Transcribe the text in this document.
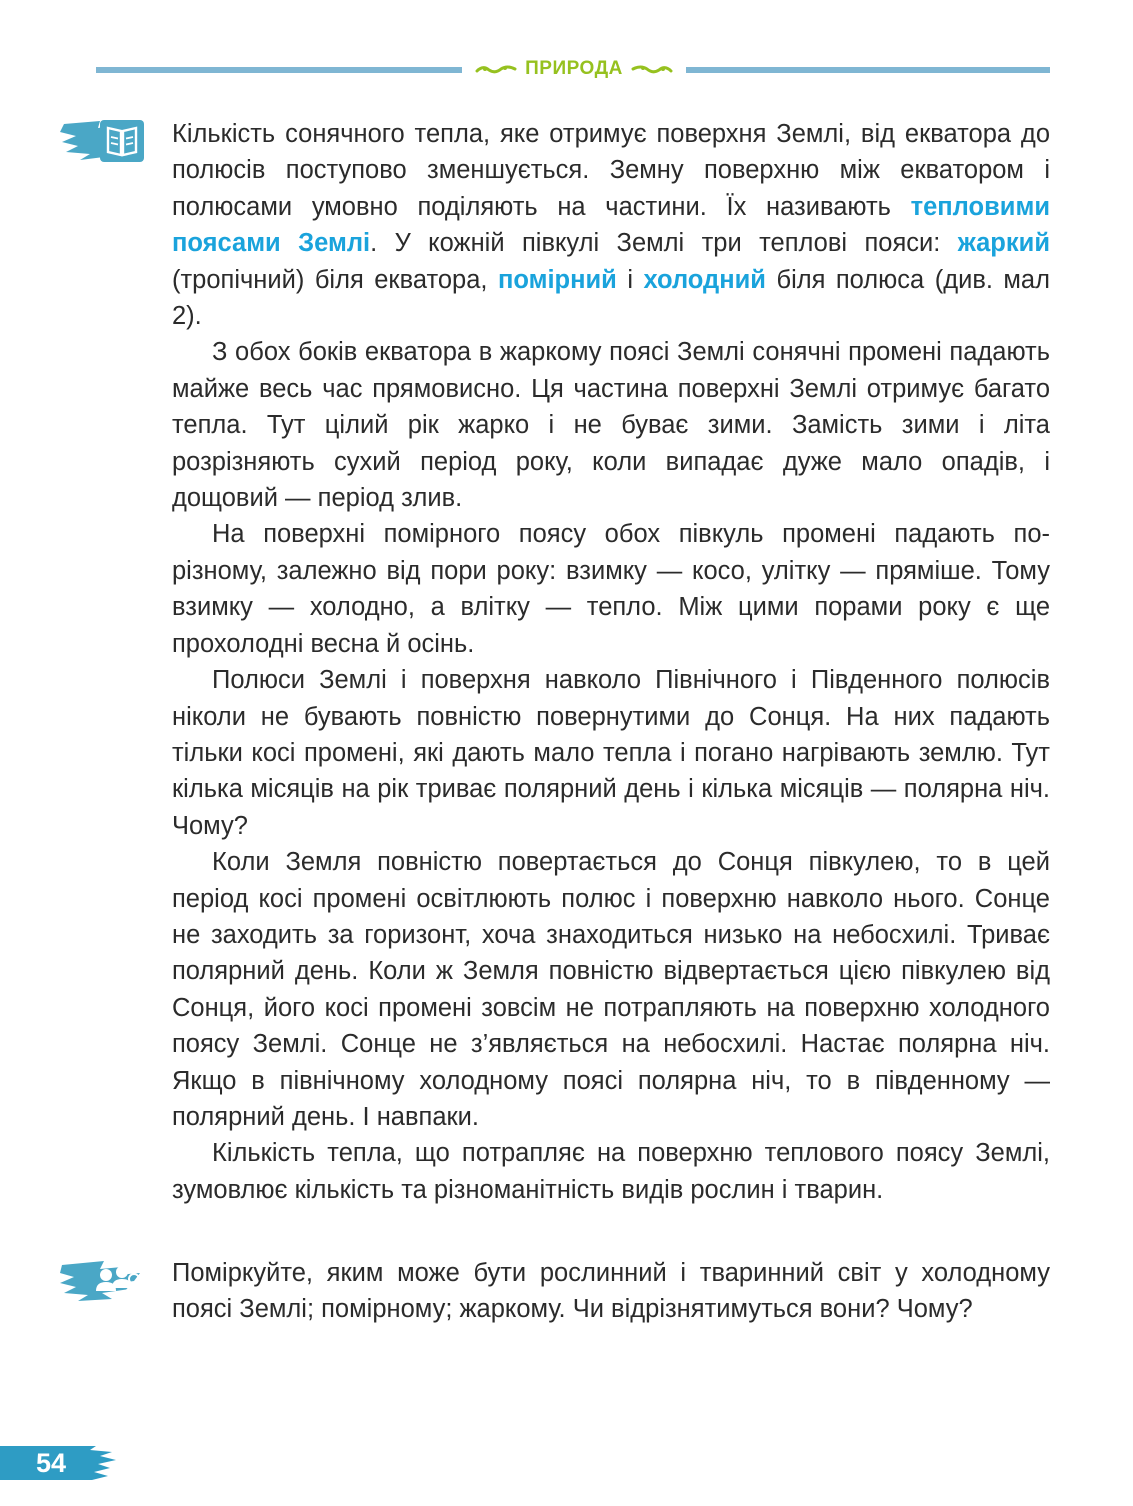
ПРИРОДА

Кількість сонячного тепла, яке отримує поверхня Землі, від екватора до полюсів поступово зменшується. Земну поверхню між екватором і полюсами умовно поділяють на частини. Їх називають тепловими поясами Землі. У кожній півкулі Землі три теплові пояси: жаркий (тропічний) біля екватора, помірний і холодний біля полюса (див. мал 2).

З обох боків екватора в жаркому поясі Землі сонячні промені падають майже весь час прямовисно. Ця частина поверхні Землі отримує багато тепла. Тут цілий рік жарко і не буває зими. Замість зими і літа розрізняють сухий період року, коли випадає дуже мало опадів, і дощовий — період злив.

На поверхні помірного поясу обох півкуль промені падають по-різному, залежно від пори року: взимку — косо, улітку — пряміше. Тому взимку — холодно, а влітку — тепло. Між цими порами року є ще прохолодні весна й осінь.

Полюси Землі і поверхня навколо Північного і Південного полюсів ніколи не бувають повністю повернутими до Сонця. На них падають тільки косі промені, які дають мало тепла і погано нагрівають землю. Тут кілька місяців на рік триває полярний день і кілька місяців — полярна ніч. Чому?

Коли Земля повністю повертається до Сонця півкулею, то в цей період косі промені освітлюють полюс і поверхню навколо нього. Сонце не заходить за горизонт, хоча знаходиться низько на небосхилі. Триває полярний день. Коли ж Земля повністю відвертається цією півкулею від Сонця, його косі промені зовсім не потрапляють на поверхню холодного поясу Землі. Сонце не з’являється на небосхилі. Настає полярна ніч. Якщо в північному холодному поясі полярна ніч, то в південному — полярний день. І навпаки.

Кількість тепла, що потрапляє на поверхню теплового поясу Землі, зумовлює кількість та різноманітність видів рослин і тварин.

Поміркуйте, яким може бути рослинний і тваринний світ у холодному поясі Землі; помірному; жаркому. Чи відрізнятимуться вони? Чому?

54
